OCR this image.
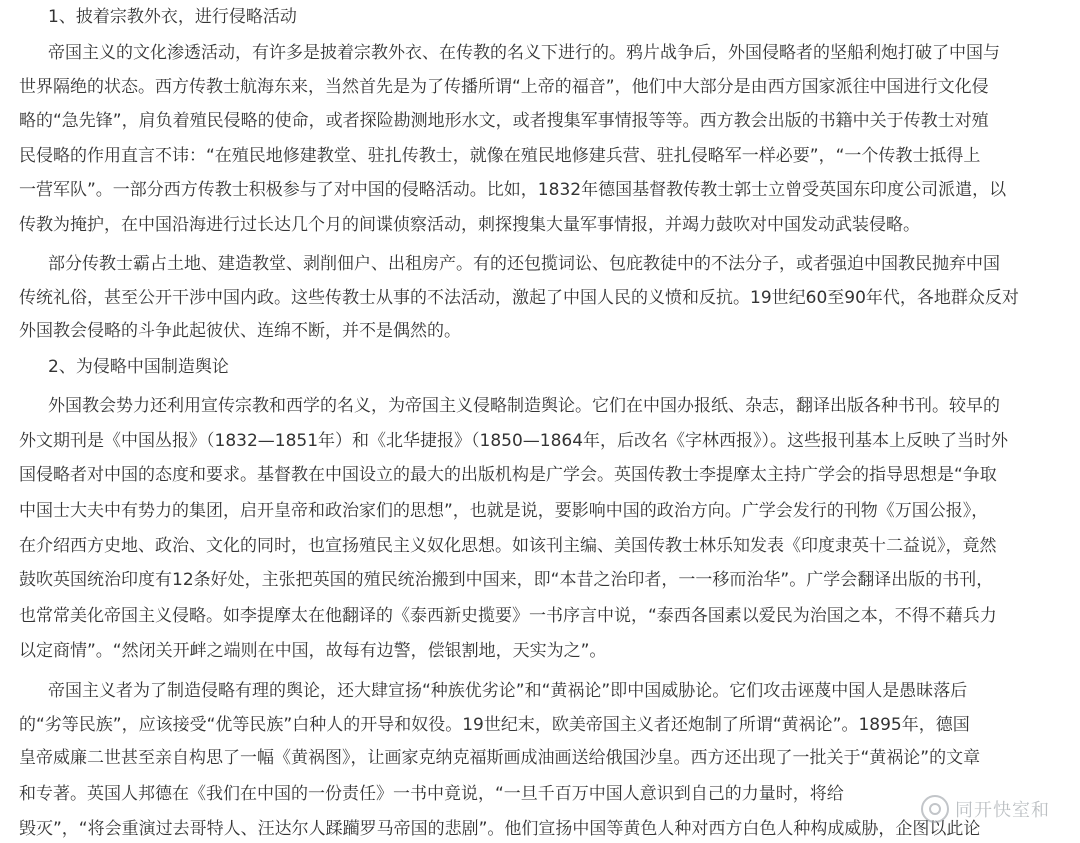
1、披着宗教外衣，进行侵略活动
帝国主义的文化渗透活动，有许多是披着宗教外衣、在传教的名义下进行的。鸦片战争后，外国侵略者的坚船利炮打破了中国与
世界隔绝的状态。西方传教士航海东来，当然首先是为了传播所谓“上帝的福音”，他们中大部分是由西方国家派往中国进行文化侵
略的“急先锋”，肩负着殖民侵略的使命，或者探险勘测地形水文，或者搜集军事情报等等。西方教会出版的书籍中关于传教士对殖
民侵略的作用直言不讳：“在殖民地修建教堂、驻扎传教士，就像在殖民地修建兵营、驻扎侵略军一样必要”，“一个传教士抵得上
一营军队”。一部分西方传教士积极参与了对中国的侵略活动。比如，1832年德国基督教传教士郭士立曾受英国东印度公司派遣，以
传教为掩护，在中国沿海进行过长达几个月的间谍侦察活动，刺探搜集大量军事情报，并竭力鼓吹对中国发动武装侵略。
部分传教士霸占土地、建造教堂、剥削佃户、出租房产。有的还包揽词讼、包庇教徒中的不法分子，或者强迫中国教民抛弃中国
传统礼俗，甚至公开干涉中国内政。这些传教士从事的不法活动，激起了中国人民的义愤和反抗。19世纪60至90年代，各地群众反对
外国教会侵略的斗争此起彼伏、连绵不断，并不是偶然的。
2、为侵略中国制造舆论
外国教会势力还利用宣传宗教和西学的名义，为帝国主义侵略制造舆论。它们在中国办报纸、杂志，翻译出版各种书刊。较早的
外文期刊是《中国丛报》（1832—1851年）和《北华捷报》（1850—1864年，后改名《字林西报》）。这些报刊基本上反映了当时外
国侵略者对中国的态度和要求。基督教在中国设立的最大的出版机构是广学会。英国传教士李提摩太主持广学会的指导思想是“争取
中国士大夫中有势力的集团，启开皇帝和政治家们的思想”，也就是说，要影响中国的政治方向。广学会发行的刊物《万国公报》，
在介绍西方史地、政治、文化的同时，也宣扬殖民主义奴化思想。如该刊主编、美国传教士林乐知发表《印度隶英十二益说》，竟然
鼓吹英国统治印度有12条好处，主张把英国的殖民统治搬到中国来，即“本昔之治印者，一一移而治华”。广学会翻译出版的书刊，
也常常美化帝国主义侵略。如李提摩太在他翻译的《泰西新史揽要》一书序言中说，“泰西各国素以爱民为治国之本，不得不藉兵力
以定商情”。“然闭关开衅之端则在中国，故每有边警，偿银割地，天实为之”。
帝国主义者为了制造侵略有理的舆论，还大肆宣扬“种族优劣论”和“黄祸论”即中国威胁论。它们攻击诬蔑中国人是愚昧落后
的“劣等民族”，应该接受“优等民族”白种人的开导和奴役。19世纪末，欧美帝国主义者还炮制了所谓“黄祸论”。1895年，德国
皇帝威廉二世甚至亲自构思了一幅《黄祸图》，让画家克纳克福斯画成油画送给俄国沙皇。西方还出现了一批关于“黄祸论”的文章
和专著。英国人邦德在《我们在中国的一份责任》一书中竟说，“一旦千百万中国人意识到自己的力量时，将给
毁灭”，“将会重演过去哥特人、汪达尔人蹂躏罗马帝国的悲剧”。他们宣扬中国等黄色人种对西方白色人种构成威胁，企图以此论
同开快室和
